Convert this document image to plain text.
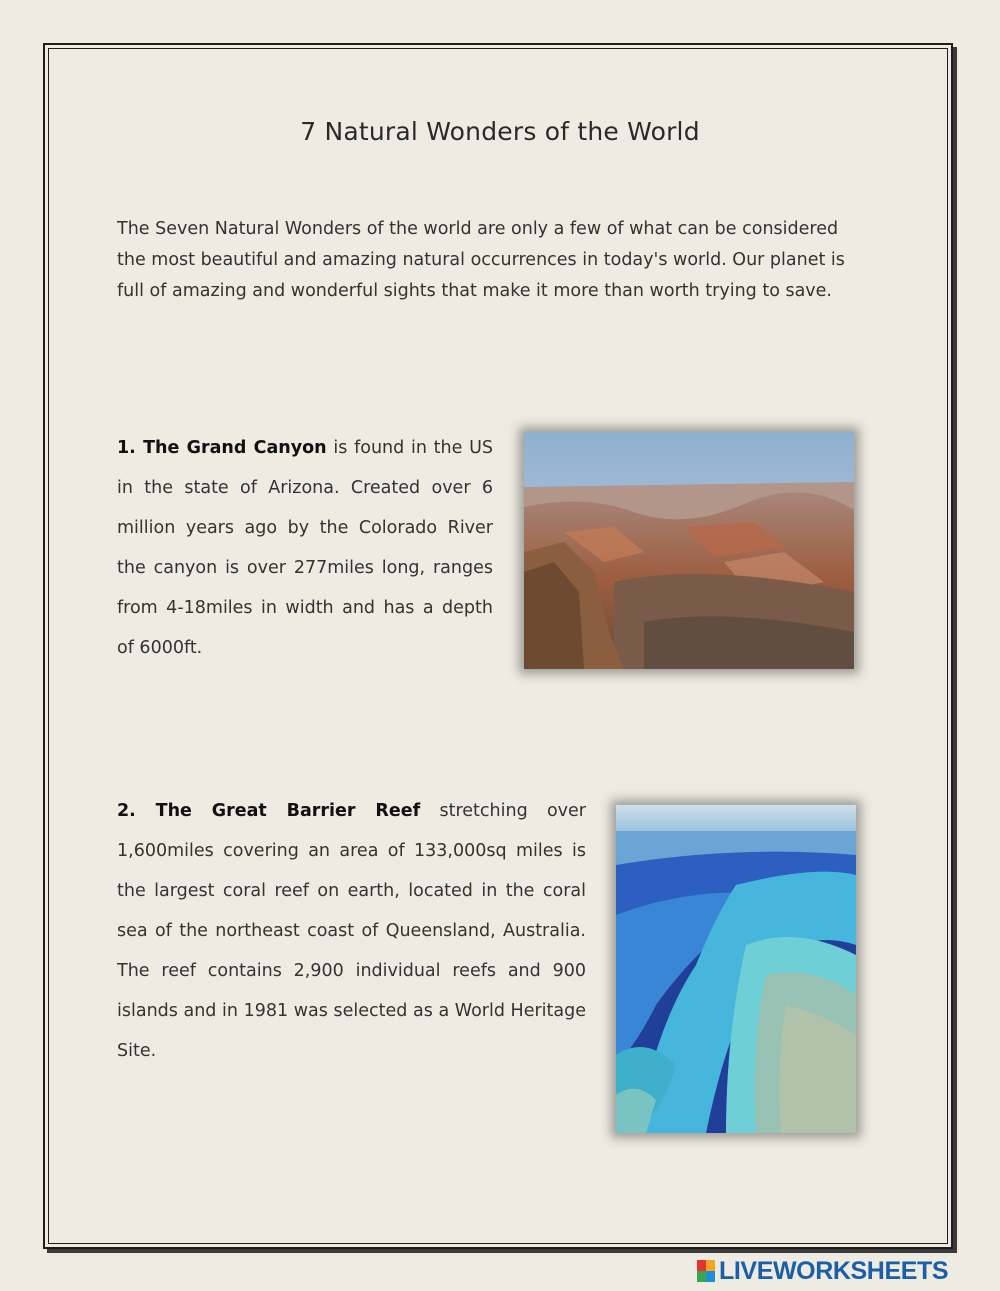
7 Natural Wonders of the World

The Seven Natural Wonders of the world are only a few of what can be considered the most beautiful and amazing natural occurrences in today's world. Our planet is full of amazing and wonderful sights that make it more than worth trying to save.

1. The Grand Canyon is found in the US in the state of Arizona. Created over 6 million years ago by the Colorado River the canyon is over 277miles long, ranges from 4-18miles in width and has a depth of 6000ft.

2. The Great Barrier Reef stretching over 1,600miles covering an area of 133,000sq miles is the largest coral reef on earth, located in the coral sea of the northeast coast of Queensland, Australia. The reef contains 2,900 individual reefs and 900 islands and in 1981 was selected as a World Heritage Site.

LIVEWORKSHEETS
